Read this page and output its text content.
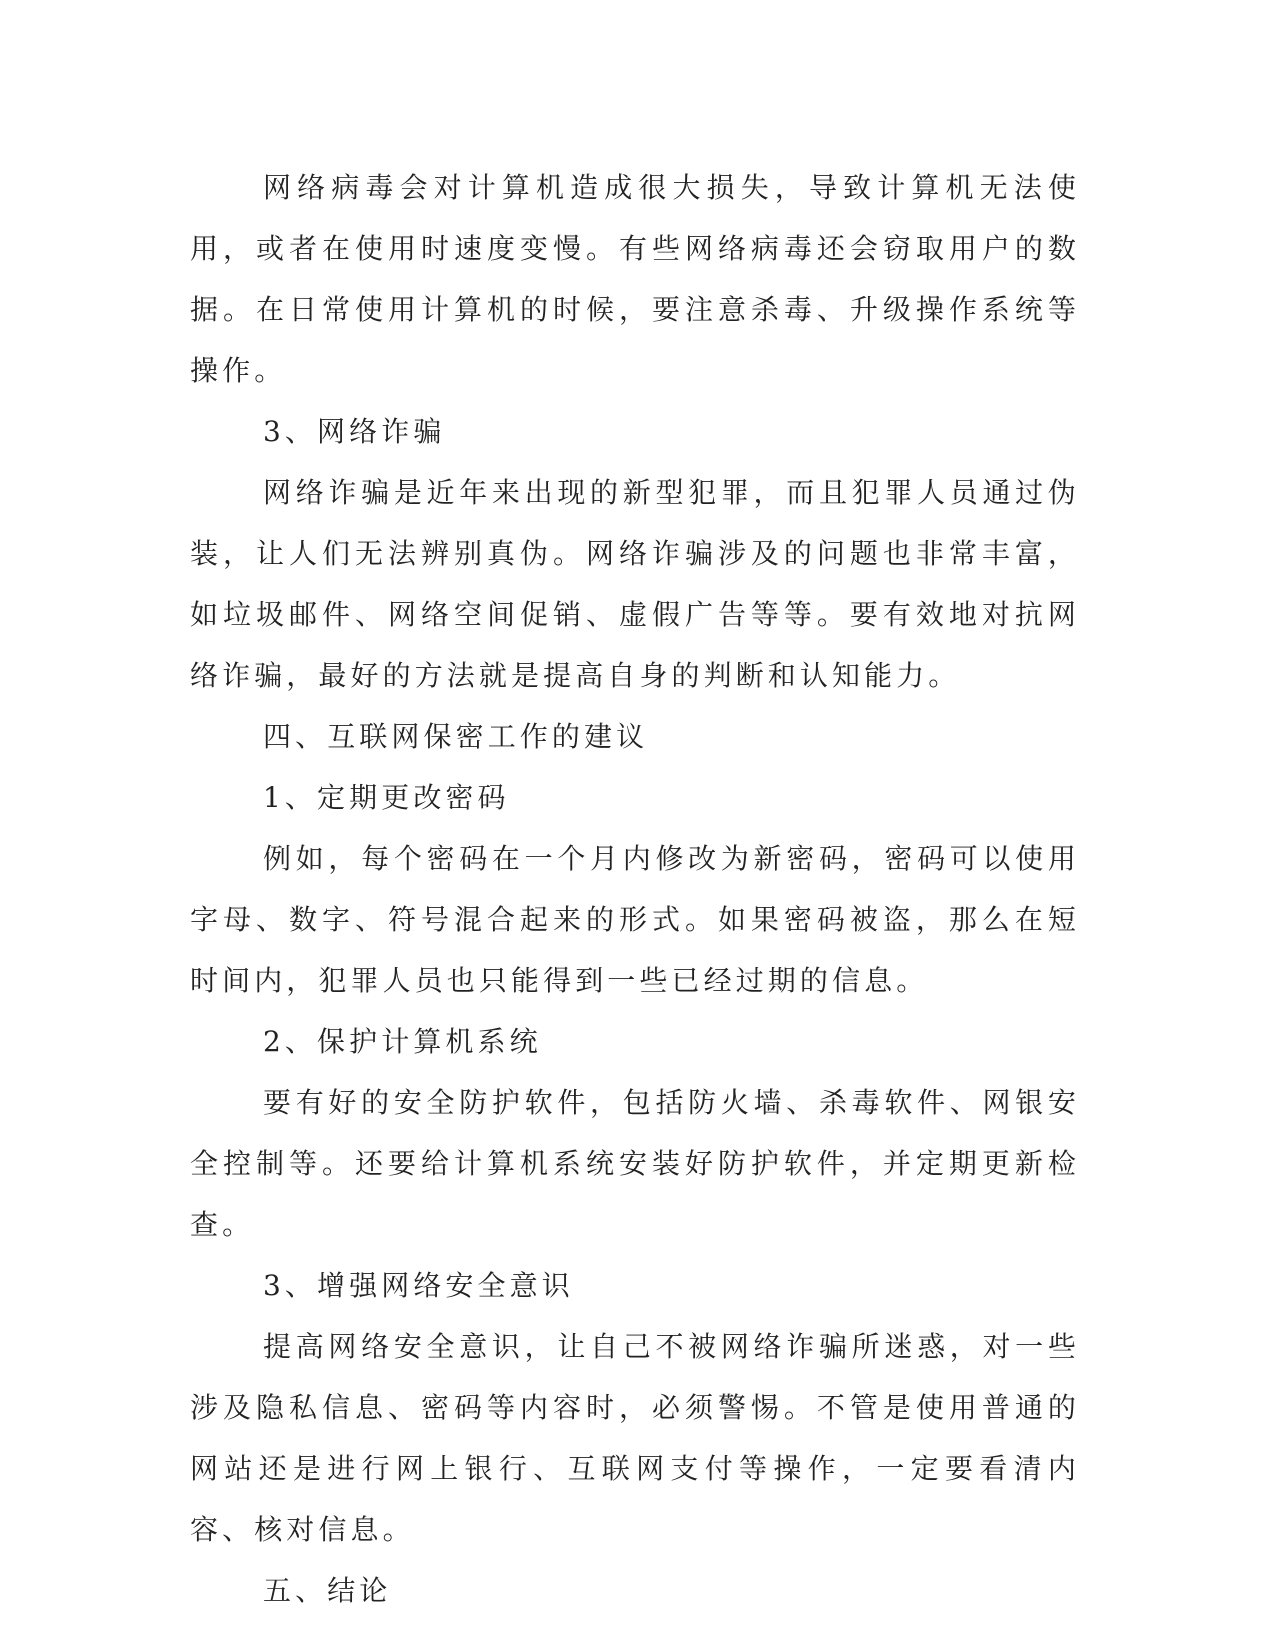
网络病毒会对计算机造成很大损失，导致计算机无法使用，或者在使用时速度变慢。有些网络病毒还会窃取用户的数据。在日常使用计算机的时候，要注意杀毒、升级操作系统等操作。

3、网络诈骗

网络诈骗是近年来出现的新型犯罪，而且犯罪人员通过伪装，让人们无法辨别真伪。网络诈骗涉及的问题也非常丰富，如垃圾邮件、网络空间促销、虚假广告等等。要有效地对抗网络诈骗，最好的方法就是提高自身的判断和认知能力。

四、互联网保密工作的建议

1、定期更改密码

例如，每个密码在一个月内修改为新密码，密码可以使用字母、数字、符号混合起来的形式。如果密码被盗，那么在短时间内，犯罪人员也只能得到一些已经过期的信息。

2、保护计算机系统

要有好的安全防护软件，包括防火墙、杀毒软件、网银安全控制等。还要给计算机系统安装好防护软件，并定期更新检查。

3、增强网络安全意识

提高网络安全意识，让自己不被网络诈骗所迷惑，对一些涉及隐私信息、密码等内容时，必须警惕。不管是使用普通的网站还是进行网上银行、互联网支付等操作，一定要看清内容、核对信息。

五、结论
